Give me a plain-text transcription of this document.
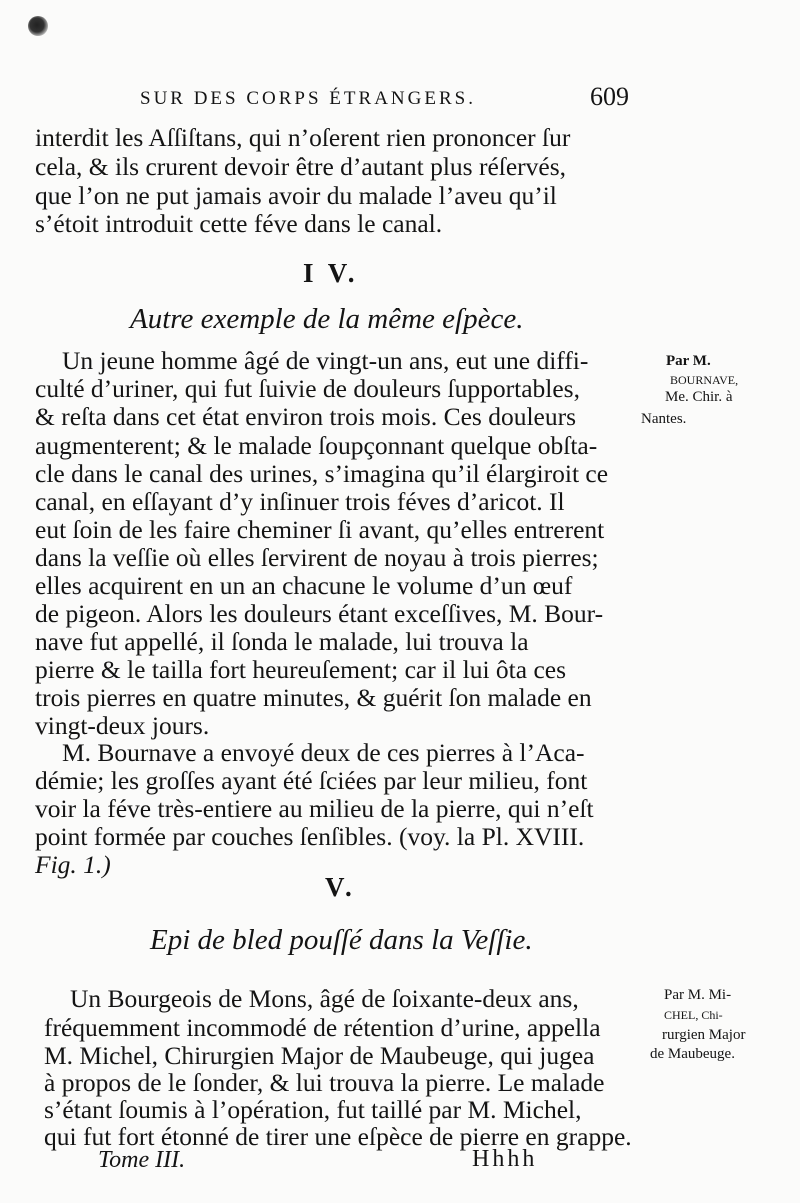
SUR DES CORPS ÉTRANGERS.	609
interdit les Aſſiſtans, qui n’oſerent rien prononcer ſur
cela, & ils crurent devoir être d’autant plus réſervés,
que l’on ne put jamais avoir du malade l’aveu qu’il
s’étoit introduit cette féve dans le canal.
I V.
Autre exemple de la même eſpèce.
Par M.
BOURNAVE,
Me. Chir. à
Nantes.
Un jeune homme âgé de vingt-un ans, eut une diffi-
culté d’uriner, qui fut ſuivie de douleurs ſupportables,
& reſta dans cet état environ trois mois. Ces douleurs
augmenterent; & le malade ſoupçonnant quelque obſta-
cle dans le canal des urines, s’imagina qu’il élargiroit ce
canal, en eſſayant d’y inſinuer trois féves d’aricot. Il
eut ſoin de les faire cheminer ſi avant, qu’elles entrerent
dans la veſſie où elles ſervirent de noyau à trois pierres;
elles acquirent en un an chacune le volume d’un œuf
de pigeon. Alors les douleurs étant exceſſives, M. Bour-
nave fut appellé, il ſonda le malade, lui trouva la
pierre & le tailla fort heureuſement; car il lui ôta ces
trois pierres en quatre minutes, & guérit ſon malade en
vingt-deux jours.
M. Bournave a envoyé deux de ces pierres à l’Aca-
démie; les groſſes ayant été ſciées par leur milieu, font
voir la féve très-entiere au milieu de la pierre, qui n’eſt
point formée par couches ſenſibles. (voy. la Pl. XVIII.
Fig. 1.)
V.
Epi de bled pouſſé dans la Veſſie.
Par M. Mi-
CHEL, Chi-
rurgien Major
de Maubeuge.
Un Bourgeois de Mons, âgé de ſoixante-deux ans,
fréquemment incommodé de rétention d’urine, appella
M. Michel, Chirurgien Major de Maubeuge, qui jugea
à propos de le ſonder, & lui trouva la pierre. Le malade
s’étant ſoumis à l’opération, fut taillé par M. Michel,
qui fut fort étonné de tirer une eſpèce de pierre en grappe.
Tome III.	Hhhh
